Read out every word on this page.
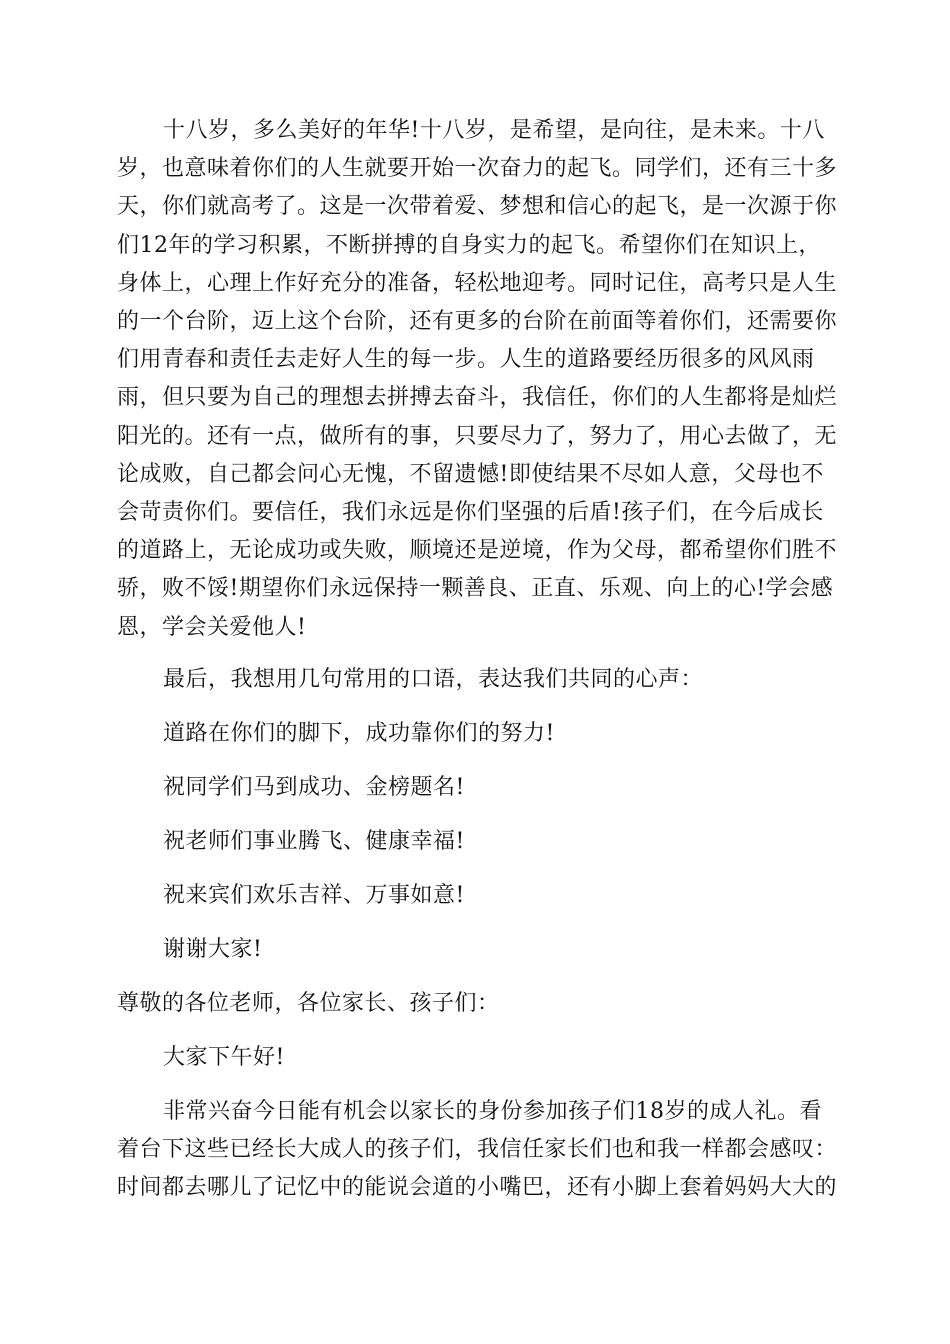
十八岁，多么美好的年华!十八岁，是希望，是向往，是未来。十八
岁，也意味着你们的人生就要开始一次奋力的起飞。同学们，还有三十多
天，你们就高考了。这是一次带着爱、梦想和信心的起飞，是一次源于你
们12年的学习积累，不断拼搏的自身实力的起飞。希望你们在知识上，
身体上，心理上作好充分的准备，轻松地迎考。同时记住，高考只是人生
的一个台阶，迈上这个台阶，还有更多的台阶在前面等着你们，还需要你
们用青春和责任去走好人生的每一步。人生的道路要经历很多的风风雨
雨，但只要为自己的理想去拼搏去奋斗，我信任，你们的人生都将是灿烂
阳光的。还有一点，做所有的事，只要尽力了，努力了，用心去做了，无
论成败，自己都会问心无愧，不留遗憾!即使结果不尽如人意，父母也不
会苛责你们。要信任，我们永远是你们坚强的后盾!孩子们，在今后成长
的道路上，无论成功或失败，顺境还是逆境，作为父母，都希望你们胜不
骄，败不馁!期望你们永远保持一颗善良、正直、乐观、向上的心!学会感
恩，学会关爱他人!

最后，我想用几句常用的口语，表达我们共同的心声：

道路在你们的脚下，成功靠你们的努力!

祝同学们马到成功、金榜题名!

祝老师们事业腾飞、健康幸福!

祝来宾们欢乐吉祥、万事如意!

谢谢大家!

尊敬的各位老师，各位家长、孩子们：

大家下午好!

非常兴奋今日能有机会以家长的身份参加孩子们18岁的成人礼。看
着台下这些已经长大成人的孩子们，我信任家长们也和我一样都会感叹：
时间都去哪儿了记忆中的能说会道的小嘴巴，还有小脚上套着妈妈大大的
